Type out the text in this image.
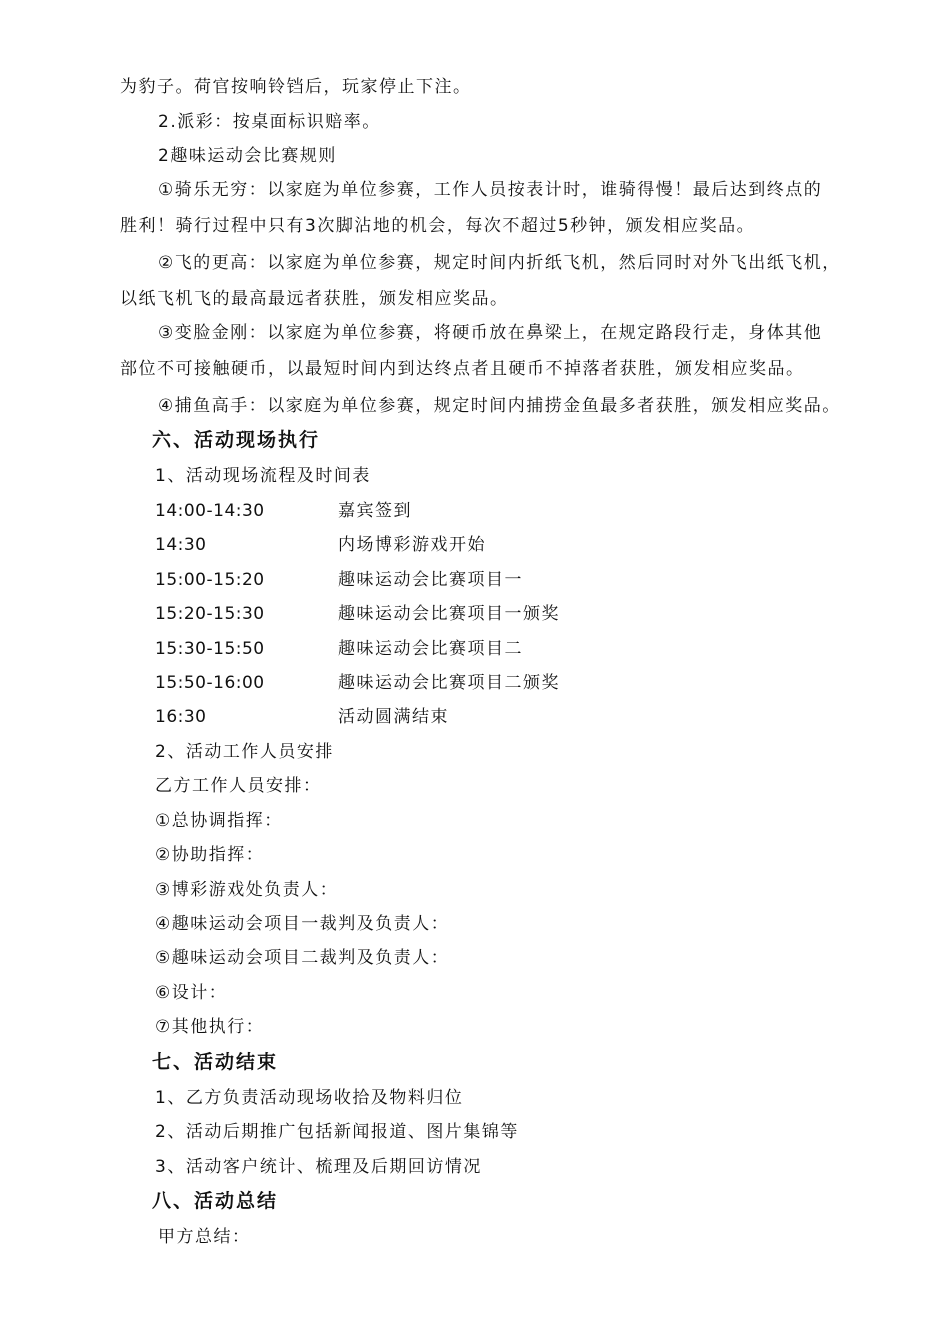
为豹子。荷官按响铃铛后，玩家停止下注。
2.派彩：按桌面标识赔率。
2趣味运动会比赛规则
①骑乐无穷：以家庭为单位参赛，工作人员按表计时，谁骑得慢！最后达到终点的
胜利！骑行过程中只有3次脚沾地的机会，每次不超过5秒钟，颁发相应奖品。
②飞的更高：以家庭为单位参赛，规定时间内折纸飞机，然后同时对外飞出纸飞机，
以纸飞机飞的最高最远者获胜，颁发相应奖品。
③变脸金刚：以家庭为单位参赛，将硬币放在鼻梁上，在规定路段行走，身体其他
部位不可接触硬币，以最短时间内到达终点者且硬币不掉落者获胜，颁发相应奖品。
④捕鱼高手：以家庭为单位参赛，规定时间内捕捞金鱼最多者获胜，颁发相应奖品。
六、活动现场执行
1、活动现场流程及时间表
14:00-14:30	嘉宾签到
14:30	内场博彩游戏开始
15:00-15:20	趣味运动会比赛项目一
15:20-15:30	趣味运动会比赛项目一颁奖
15:30-15:50	趣味运动会比赛项目二
15:50-16:00	趣味运动会比赛项目二颁奖
16:30	活动圆满结束
2、活动工作人员安排
乙方工作人员安排：
①总协调指挥：
②协助指挥：
③博彩游戏处负责人：
④趣味运动会项目一裁判及负责人：
⑤趣味运动会项目二裁判及负责人：
⑥设计：
⑦其他执行：
七、活动结束
1、乙方负责活动现场收拾及物料归位
2、活动后期推广包括新闻报道、图片集锦等
3、活动客户统计、梳理及后期回访情况
八、活动总结
甲方总结：
